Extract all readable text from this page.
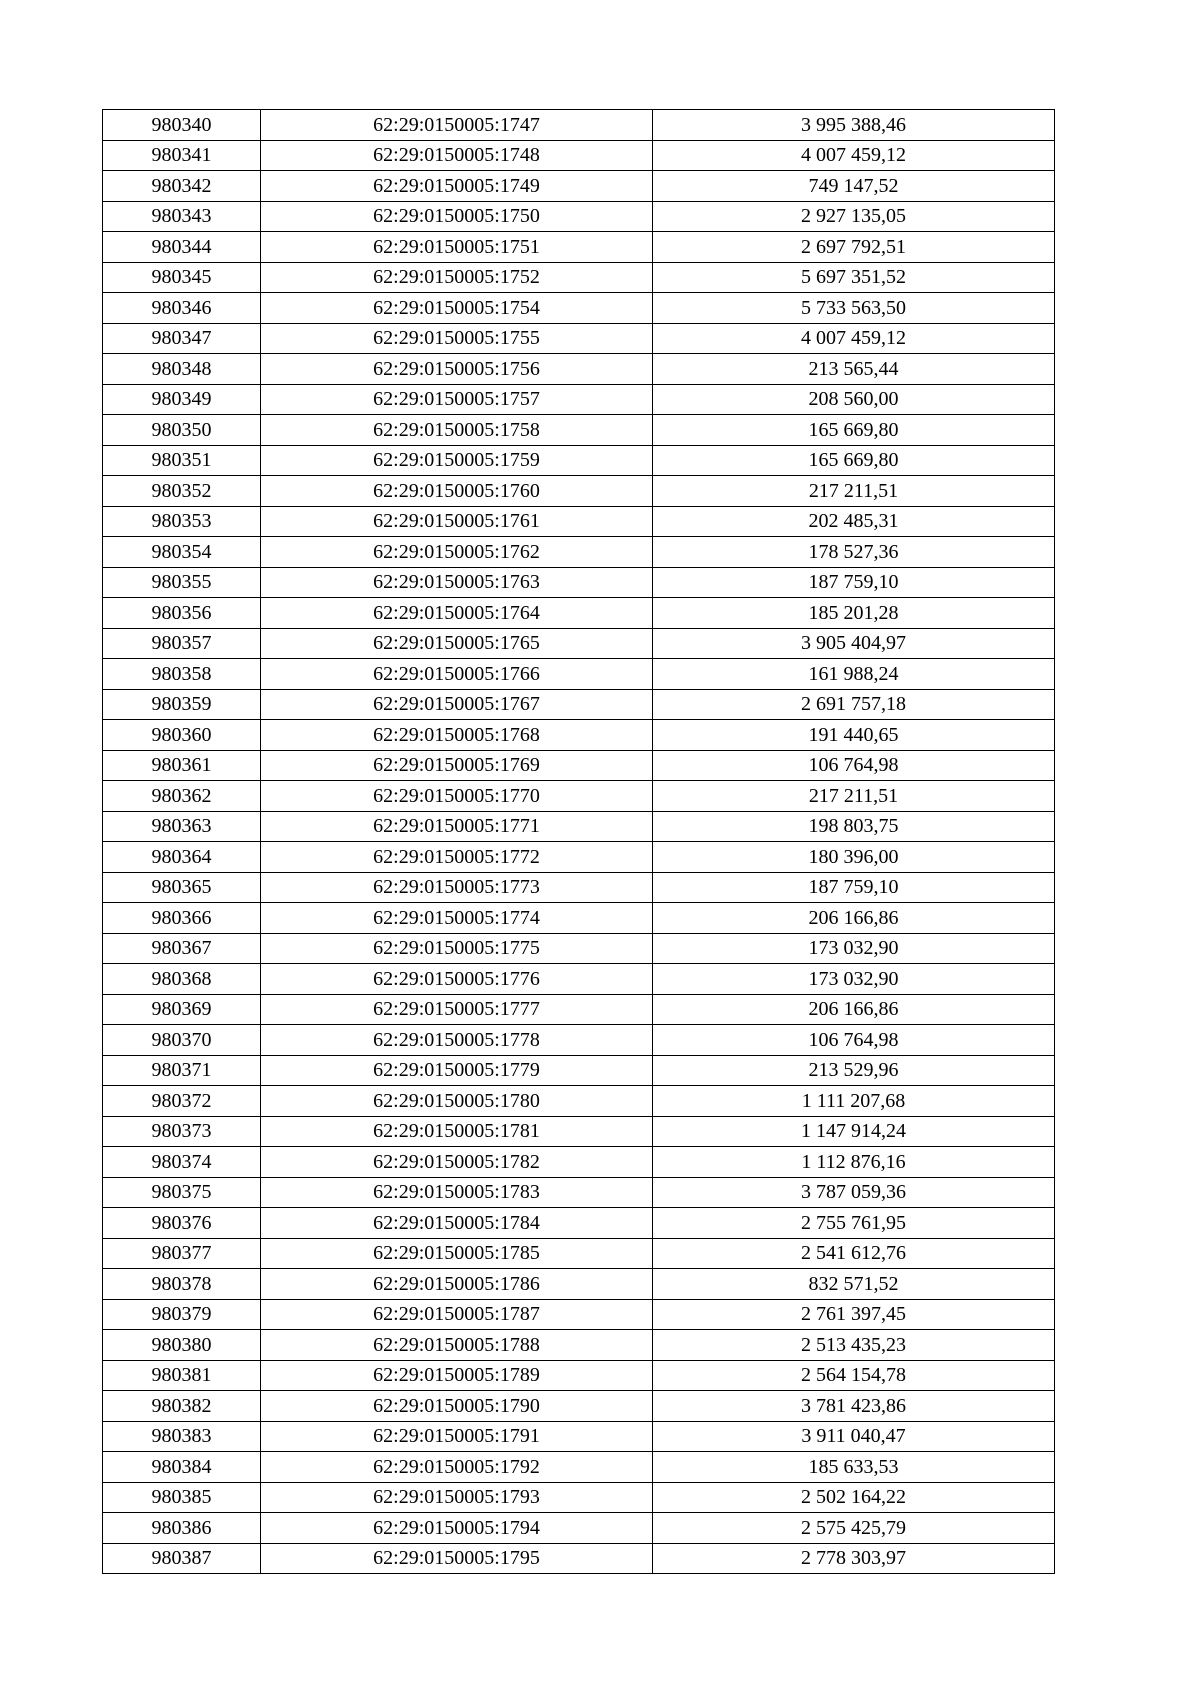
980340	62:29:0150005:1747	3 995 388,46
980341	62:29:0150005:1748	4 007 459,12
980342	62:29:0150005:1749	749 147,52
980343	62:29:0150005:1750	2 927 135,05
980344	62:29:0150005:1751	2 697 792,51
980345	62:29:0150005:1752	5 697 351,52
980346	62:29:0150005:1754	5 733 563,50
980347	62:29:0150005:1755	4 007 459,12
980348	62:29:0150005:1756	213 565,44
980349	62:29:0150005:1757	208 560,00
980350	62:29:0150005:1758	165 669,80
980351	62:29:0150005:1759	165 669,80
980352	62:29:0150005:1760	217 211,51
980353	62:29:0150005:1761	202 485,31
980354	62:29:0150005:1762	178 527,36
980355	62:29:0150005:1763	187 759,10
980356	62:29:0150005:1764	185 201,28
980357	62:29:0150005:1765	3 905 404,97
980358	62:29:0150005:1766	161 988,24
980359	62:29:0150005:1767	2 691 757,18
980360	62:29:0150005:1768	191 440,65
980361	62:29:0150005:1769	106 764,98
980362	62:29:0150005:1770	217 211,51
980363	62:29:0150005:1771	198 803,75
980364	62:29:0150005:1772	180 396,00
980365	62:29:0150005:1773	187 759,10
980366	62:29:0150005:1774	206 166,86
980367	62:29:0150005:1775	173 032,90
980368	62:29:0150005:1776	173 032,90
980369	62:29:0150005:1777	206 166,86
980370	62:29:0150005:1778	106 764,98
980371	62:29:0150005:1779	213 529,96
980372	62:29:0150005:1780	1 111 207,68
980373	62:29:0150005:1781	1 147 914,24
980374	62:29:0150005:1782	1 112 876,16
980375	62:29:0150005:1783	3 787 059,36
980376	62:29:0150005:1784	2 755 761,95
980377	62:29:0150005:1785	2 541 612,76
980378	62:29:0150005:1786	832 571,52
980379	62:29:0150005:1787	2 761 397,45
980380	62:29:0150005:1788	2 513 435,23
980381	62:29:0150005:1789	2 564 154,78
980382	62:29:0150005:1790	3 781 423,86
980383	62:29:0150005:1791	3 911 040,47
980384	62:29:0150005:1792	185 633,53
980385	62:29:0150005:1793	2 502 164,22
980386	62:29:0150005:1794	2 575 425,79
980387	62:29:0150005:1795	2 778 303,97
